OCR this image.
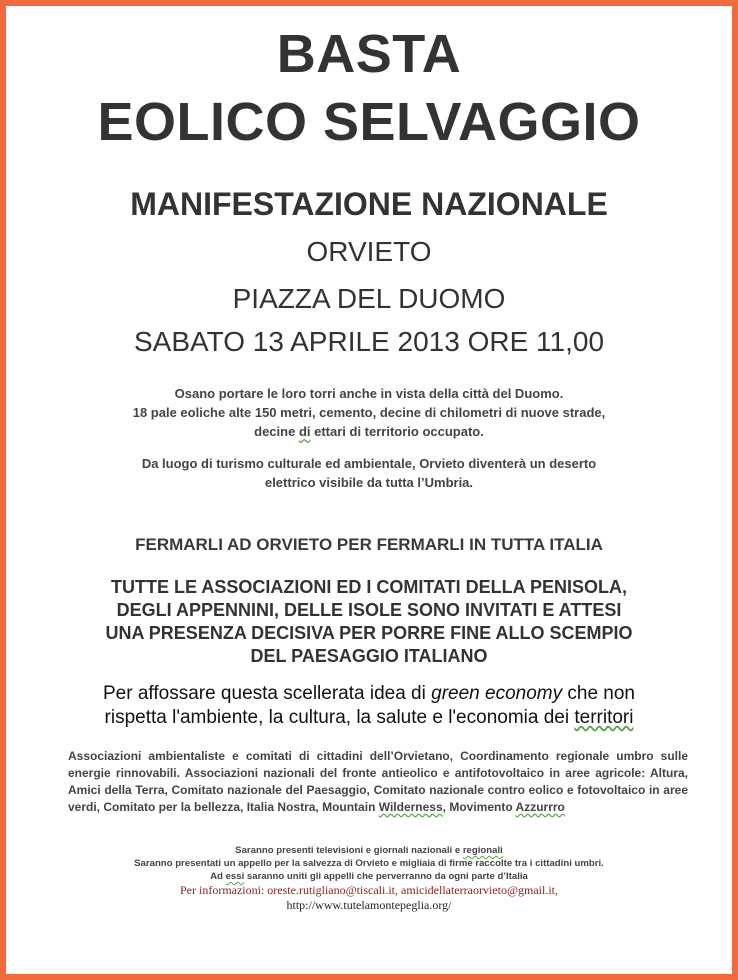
BASTA
EOLICO SELVAGGIO
MANIFESTAZIONE NAZIONALE
ORVIETO
PIAZZA DEL DUOMO
SABATO 13 APRILE 2013 ORE 11,00
Osano portare le loro torri anche in vista della città del Duomo.
18 pale eoliche alte 150 metri, cemento, decine di chilometri di nuove strade,
decine di ettari di territorio occupato.
Da luogo di turismo culturale ed ambientale, Orvieto diventerà un deserto
elettrico visibile da tutta l’Umbria.
FERMARLI AD ORVIETO PER FERMARLI IN TUTTA ITALIA
TUTTE LE ASSOCIAZIONI ED I COMITATI DELLA PENISOLA,
DEGLI APPENNINI, DELLE ISOLE SONO INVITATI E ATTESI
UNA PRESENZA DECISIVA PER PORRE FINE ALLO SCEMPIO
DEL PAESAGGIO ITALIANO
Per affossare questa scellerata idea di green economy che non
rispetta l'ambiente, la cultura, la salute e l'economia dei territori
Associazioni ambientaliste e comitati di cittadini dell’Orvietano, Coordinamento regionale umbro sulle energie rinnovabili. Associazioni nazionali del fronte antieolico e antifotovoltaico in aree agricole: Altura, Amici della Terra, Comitato nazionale del Paesaggio, Comitato nazionale contro eolico e fotovoltaico in aree verdi, Comitato per la bellezza, Italia Nostra, Mountain Wilderness, Movimento Azzurrro
Saranno presenti televisioni e giornali nazionali e regionali
Saranno presentati un appello per la salvezza di Orvieto e migliaia di firme raccolte tra i cittadini umbri.
Ad essi saranno uniti gli appelli che perverranno da ogni parte d’Italia
Per informazioni: oreste.rutigliano@tiscali.it, amicidellaterraorvieto@gmail.it,
http://www.tutelamontepeglia.org/
